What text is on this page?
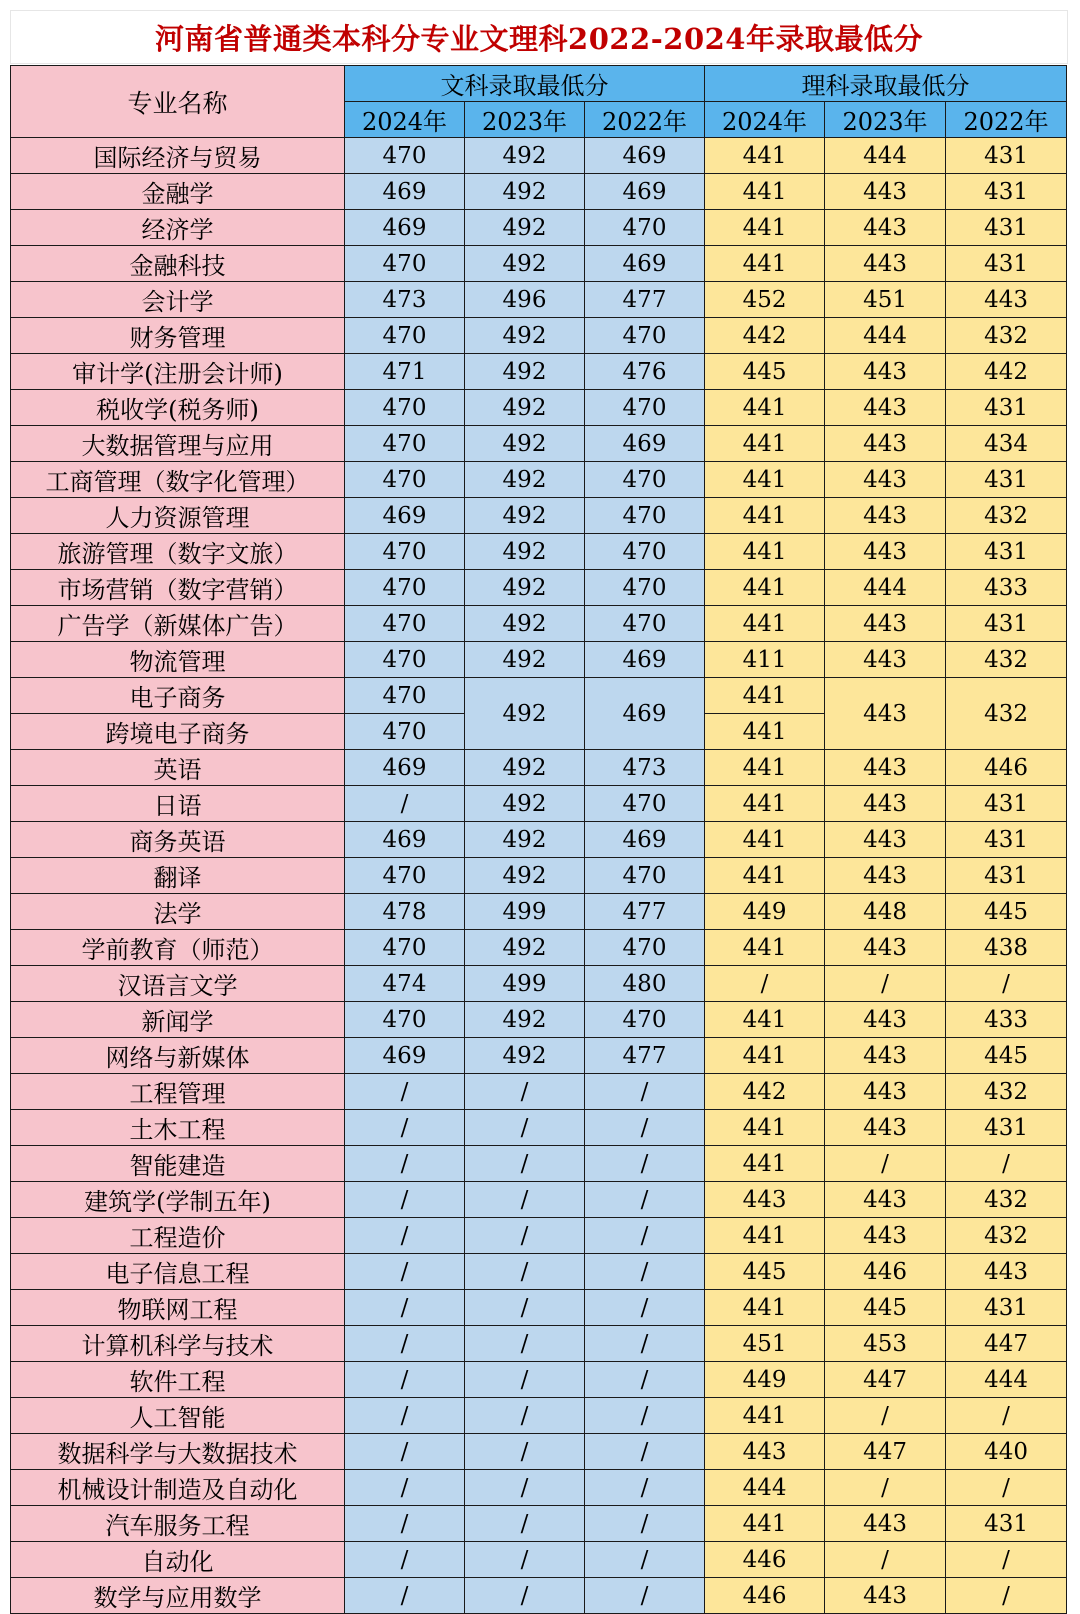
河南省普通类本科分专业文理科2022-2024年录取最低分
专业名称	文科录取最低分			理科录取最低分		
	2024年	2023年	2022年	2024年	2023年	2022年
国际经济与贸易	470	492	469	441	444	431
金融学	469	492	469	441	443	431
经济学	469	492	470	441	443	431
金融科技	470	492	469	441	443	431
会计学	473	496	477	452	451	443
财务管理	470	492	470	442	444	432
审计学(注册会计师)	471	492	476	445	443	442
税收学(税务师)	470	492	470	441	443	431
大数据管理与应用	470	492	469	441	443	434
工商管理（数字化管理）	470	492	470	441	443	431
人力资源管理	469	492	470	441	443	432
旅游管理（数字文旅）	470	492	470	441	443	431
市场营销（数字营销）	470	492	470	441	444	433
广告学（新媒体广告）	470	492	470	441	443	431
物流管理	470	492	469	411	443	432
电子商务	470	492	469	441	443	432
跨境电子商务	470			441		
英语	469	492	473	441	443	446
日语	/	492	470	441	443	431
商务英语	469	492	469	441	443	431
翻译	470	492	470	441	443	431
法学	478	499	477	449	448	445
学前教育（师范）	470	492	470	441	443	438
汉语言文学	474	499	480	/	/	/
新闻学	470	492	470	441	443	433
网络与新媒体	469	492	477	441	443	445
工程管理	/	/	/	442	443	432
土木工程	/	/	/	441	443	431
智能建造	/	/	/	441	/	/
建筑学(学制五年)	/	/	/	443	443	432
工程造价	/	/	/	441	443	432
电子信息工程	/	/	/	445	446	443
物联网工程	/	/	/	441	445	431
计算机科学与技术	/	/	/	451	453	447
软件工程	/	/	/	449	447	444
人工智能	/	/	/	441	/	/
数据科学与大数据技术	/	/	/	443	447	440
机械设计制造及自动化	/	/	/	444	/	/
汽车服务工程	/	/	/	441	443	431
自动化	/	/	/	446	/	/
数学与应用数学	/	/	/	446	443	/
